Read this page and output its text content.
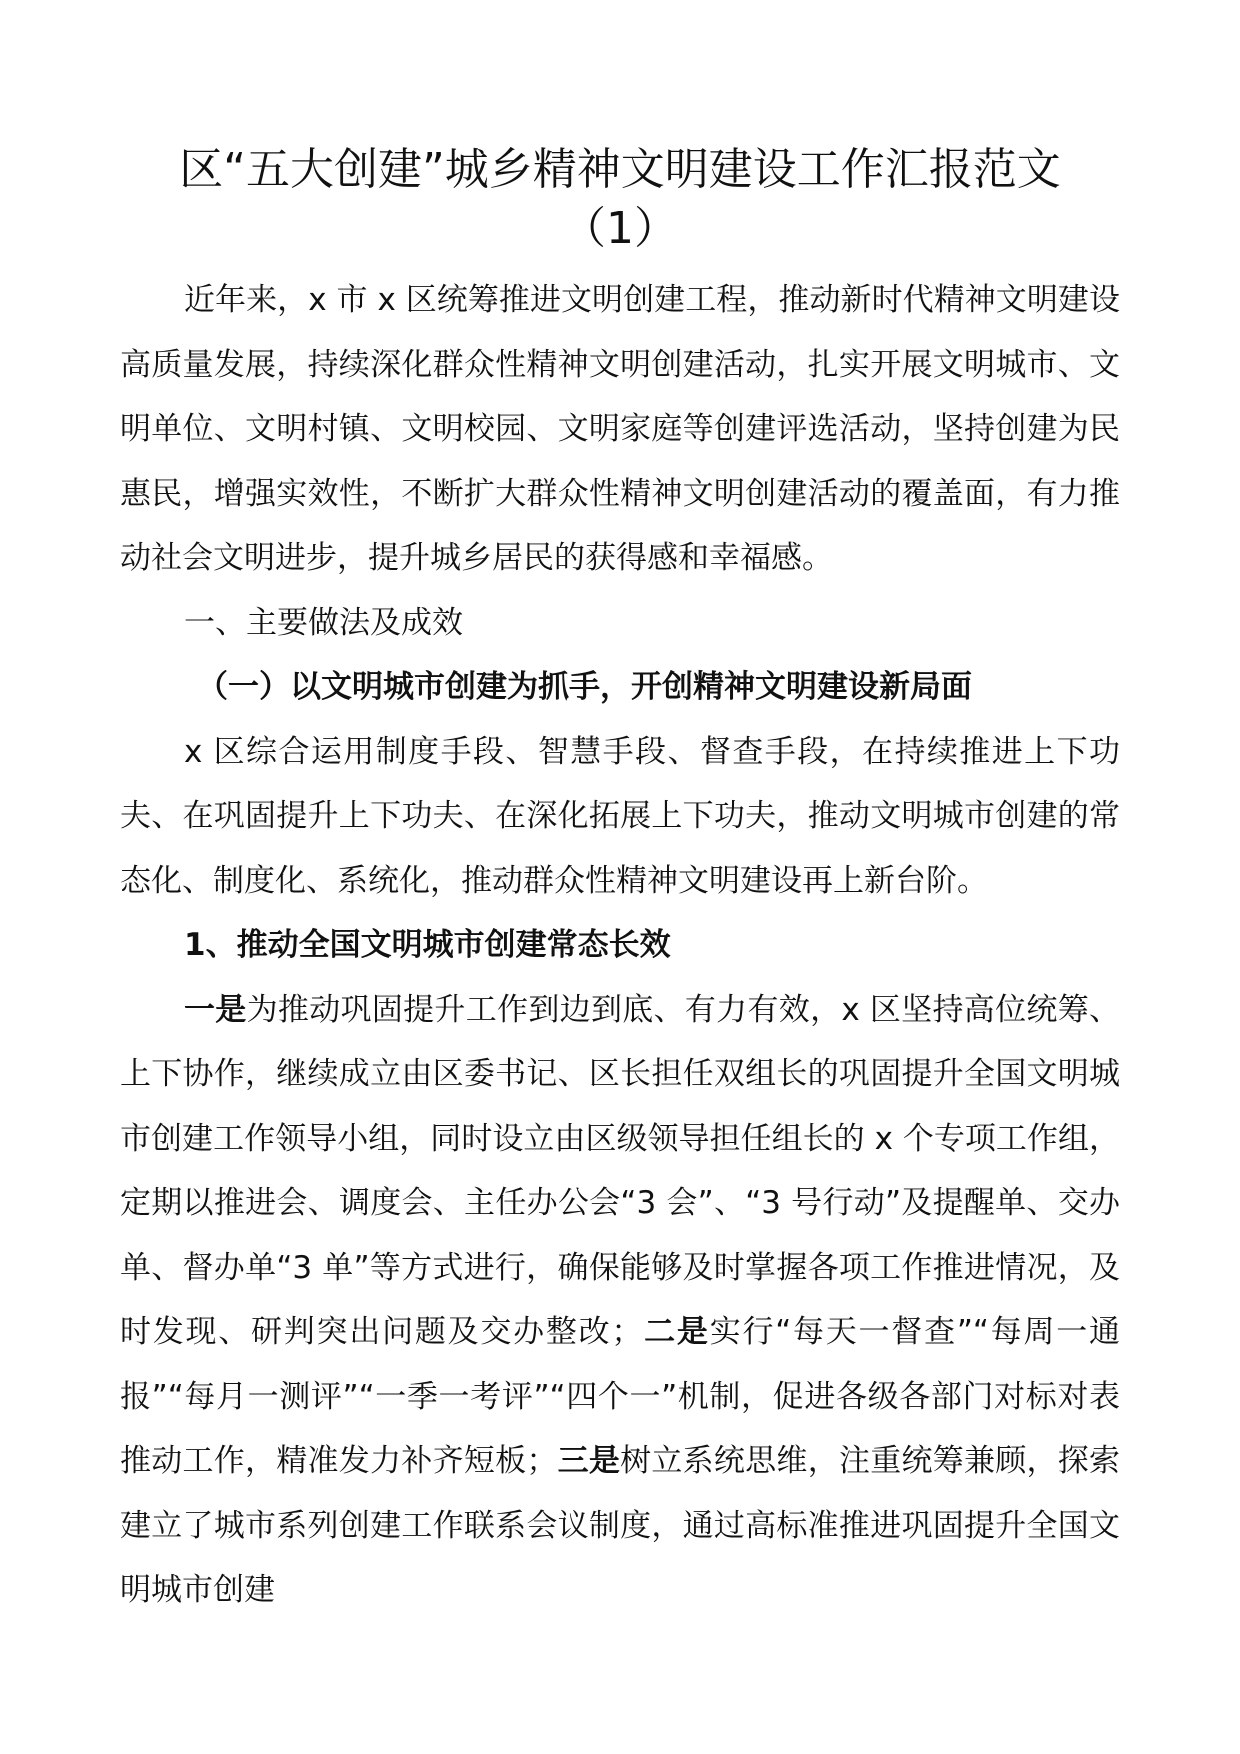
区“五大创建”城乡精神文明建设工作汇报范文
（1）

近年来，x 市 x 区统筹推进文明创建工程，推动新时代精神文明建设高质量发展，持续深化群众性精神文明创建活动，扎实开展文明城市、文明单位、文明村镇、文明校园、文明家庭等创建评选活动，坚持创建为民惠民，增强实效性，不断扩大群众性精神文明创建活动的覆盖面，有力推动社会文明进步，提升城乡居民的获得感和幸福感。

一、主要做法及成效

（一）以文明城市创建为抓手，开创精神文明建设新局面

x 区综合运用制度手段、智慧手段、督查手段，在持续推进上下功夫、在巩固提升上下功夫、在深化拓展上下功夫，推动文明城市创建的常态化、制度化、系统化，推动群众性精神文明建设再上新台阶。

1、推动全国文明城市创建常态长效

一是为推动巩固提升工作到边到底、有力有效，x 区坚持高位统筹、上下协作，继续成立由区委书记、区长担任双组长的巩固提升全国文明城市创建工作领导小组，同时设立由区级领导担任组长的 x 个专项工作组，定期以推进会、调度会、主任办公会“3 会”、“3 号行动”及提醒单、交办单、督办单“3 单”等方式进行，确保能够及时掌握各项工作推进情况，及时发现、研判突出问题及交办整改；二是实行“每天一督查”“每周一通报”“每月一测评”“一季一考评”“四个一”机制，促进各级各部门对标对表推动工作，精准发力补齐短板；三是树立系统思维，注重统筹兼顾，探索建立了城市系列创建工作联系会议制度，通过高标准推进巩固提升全国文明城市创建
